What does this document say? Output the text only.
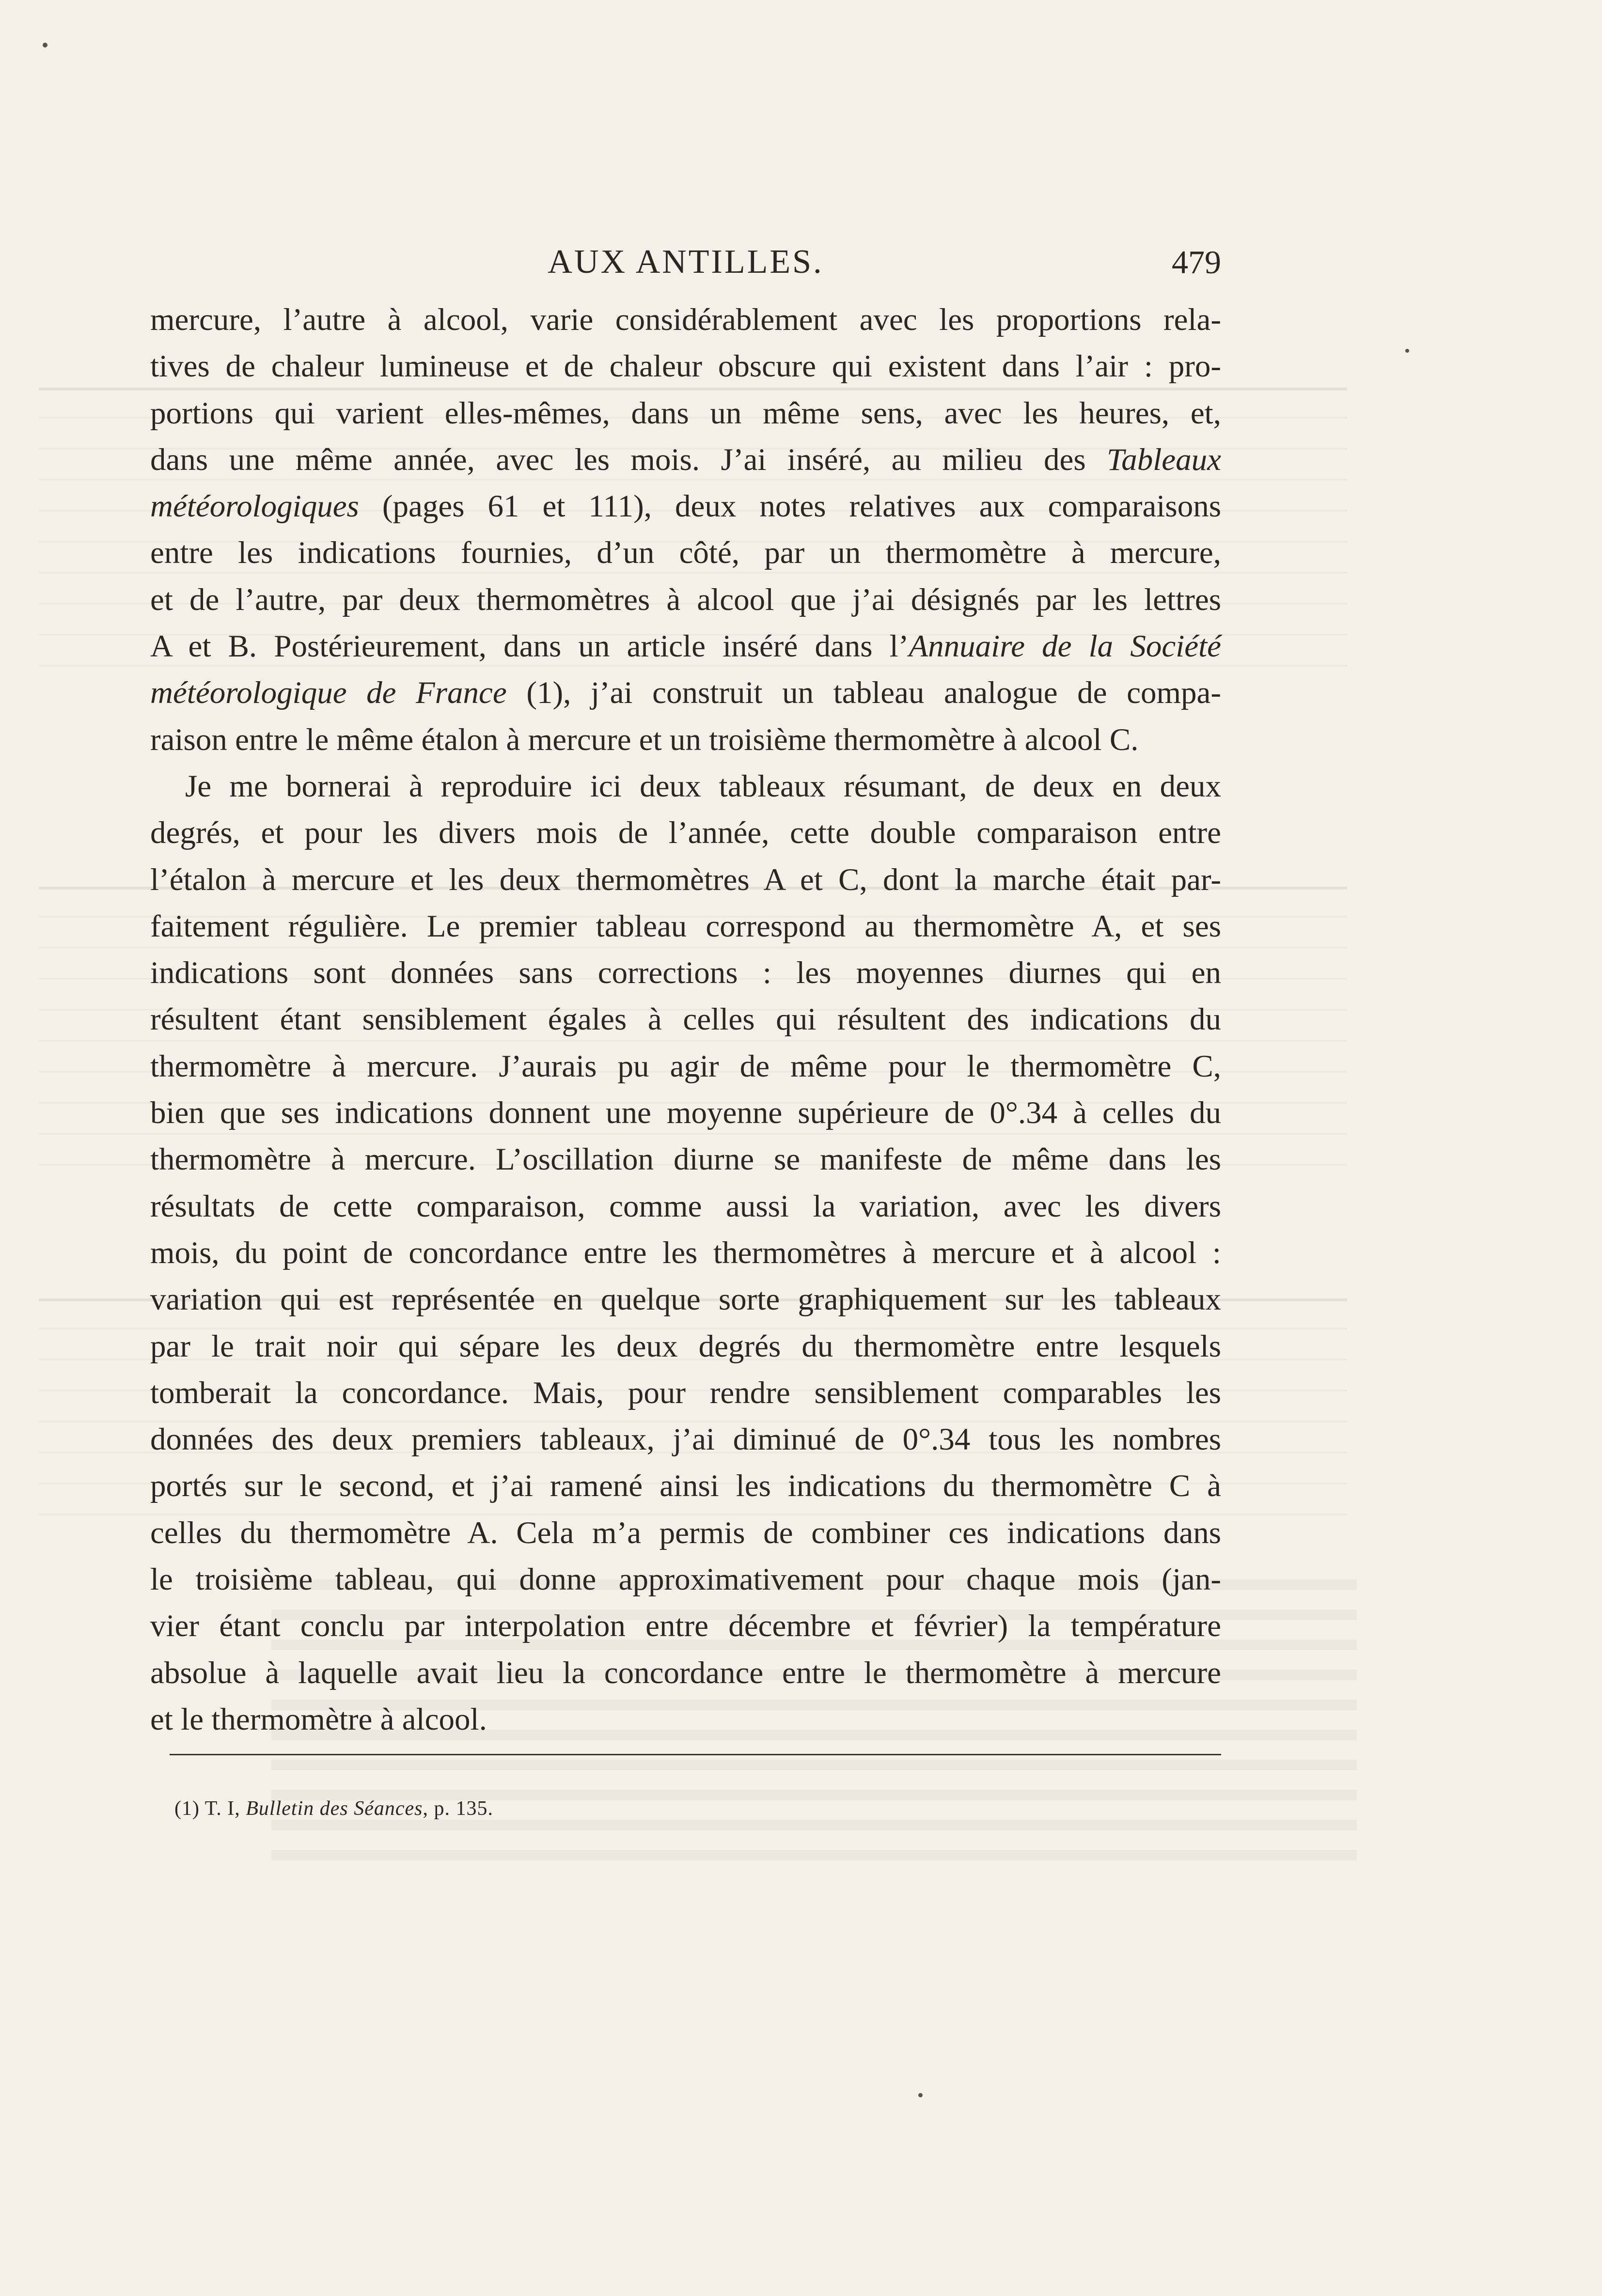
AUX ANTILLES.	479
mercure, l’autre à alcool, varie considérablement avec les proportions rela-
tives de chaleur lumineuse et de chaleur obscure qui existent dans l’air : pro-
portions qui varient elles-mêmes, dans un même sens, avec les heures, et,
dans une même année, avec les mois. J’ai inséré, au milieu des Tableaux
météorologiques (pages 61 et 111), deux notes relatives aux comparaisons
entre les indications fournies, d’un côté, par un thermomètre à mercure,
et de l’autre, par deux thermomètres à alcool que j’ai désignés par les lettres
A et B. Postérieurement, dans un article inséré dans l’Annuaire de la Société
météorologique de France (1), j’ai construit un tableau analogue de compa-
raison entre le même étalon à mercure et un troisième thermomètre à alcool C.
Je me bornerai à reproduire ici deux tableaux résumant, de deux en deux
degrés, et pour les divers mois de l’année, cette double comparaison entre
l’étalon à mercure et les deux thermomètres A et C, dont la marche était par-
faitement régulière. Le premier tableau correspond au thermomètre A, et ses
indications sont données sans corrections : les moyennes diurnes qui en
résultent étant sensiblement égales à celles qui résultent des indications du
thermomètre à mercure. J’aurais pu agir de même pour le thermomètre C,
bien que ses indications donnent une moyenne supérieure de 0°.34 à celles du
thermomètre à mercure. L’oscillation diurne se manifeste de même dans les
résultats de cette comparaison, comme aussi la variation, avec les divers
mois, du point de concordance entre les thermomètres à mercure et à alcool :
variation qui est représentée en quelque sorte graphiquement sur les tableaux
par le trait noir qui sépare les deux degrés du thermomètre entre lesquels
tomberait la concordance. Mais, pour rendre sensiblement comparables les
données des deux premiers tableaux, j’ai diminué de 0°.34 tous les nombres
portés sur le second, et j’ai ramené ainsi les indications du thermomètre C à
celles du thermomètre A. Cela m’a permis de combiner ces indications dans
le troisième tableau, qui donne approximativement pour chaque mois (jan-
vier étant conclu par interpolation entre décembre et février) la température
absolue à laquelle avait lieu la concordance entre le thermomètre à mercure
et le thermomètre à alcool.
(1) T. I, Bulletin des Séances, p. 135.
